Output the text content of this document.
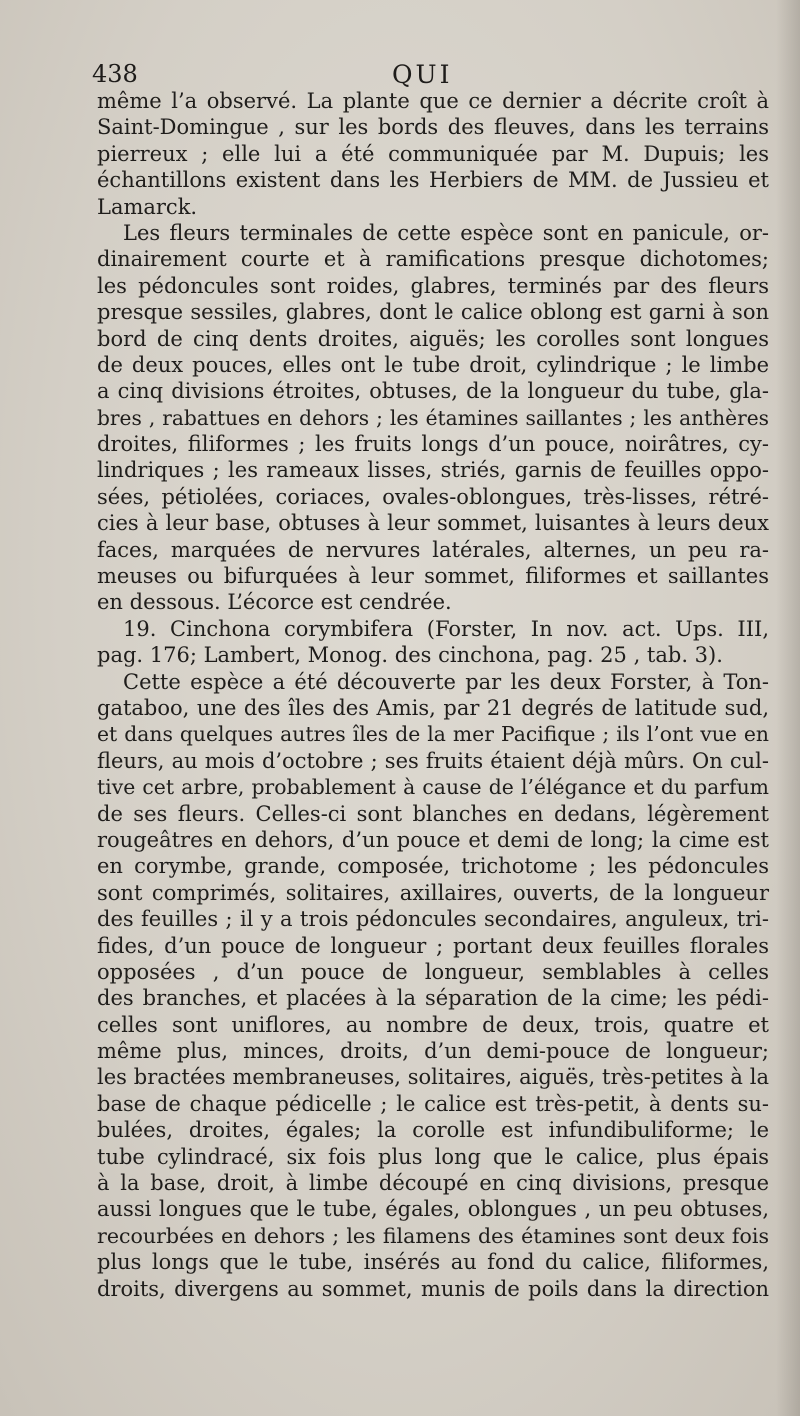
438	QUI
même l’a observé. La plante que ce dernier a décrite croît à
Saint-Domingue , sur les bords des fleuves, dans les terrains
pierreux ; elle lui a été communiquée par M. Dupuis; les
échantillons existent dans les Herbiers de MM. de Jussieu et
Lamarck.
Les fleurs terminales de cette espèce sont en panicule, or-
dinairement courte et à ramifications presque dichotomes;
les pédoncules sont roides, glabres, terminés par des fleurs
presque sessiles, glabres, dont le calice oblong est garni à son
bord de cinq dents droites, aiguës; les corolles sont longues
de deux pouces, elles ont le tube droit, cylindrique ; le limbe
a cinq divisions étroites, obtuses, de la longueur du tube, gla-
bres , rabattues en dehors ; les étamines saillantes ; les anthères
droites, filiformes ; les fruits longs d’un pouce, noirâtres, cy-
lindriques ; les rameaux lisses, striés, garnis de feuilles oppo-
sées, pétiolées, coriaces, ovales-oblongues, très-lisses, rétré-
cies à leur base, obtuses à leur sommet, luisantes à leurs deux
faces, marquées de nervures latérales, alternes, un peu ra-
meuses ou bifurquées à leur sommet, filiformes et saillantes
en dessous. L’écorce est cendrée.
19. Cinchona corymbifera (Forster, In nov. act. Ups. III,
pag. 176; Lambert, Monog. des cinchona, pag. 25 , tab. 3).
Cette espèce a été découverte par les deux Forster, à Ton-
gataboo, une des îles des Amis, par 21 degrés de latitude sud,
et dans quelques autres îles de la mer Pacifique ; ils l’ont vue en
fleurs, au mois d’octobre ; ses fruits étaient déjà mûrs. On cul-
tive cet arbre, probablement à cause de l’élégance et du parfum
de ses fleurs. Celles-ci sont blanches en dedans, légèrement
rougeâtres en dehors, d’un pouce et demi de long; la cime est
en corymbe, grande, composée, trichotome ; les pédoncules
sont comprimés, solitaires, axillaires, ouverts, de la longueur
des feuilles ; il y a trois pédoncules secondaires, anguleux, tri-
fides, d’un pouce de longueur ; portant deux feuilles florales
opposées , d’un pouce de longueur, semblables à celles
des branches, et placées à la séparation de la cime; les pédi-
celles sont uniflores, au nombre de deux, trois, quatre et
même plus, minces, droits, d’un demi-pouce de longueur;
les bractées membraneuses, solitaires, aiguës, très-petites à la
base de chaque pédicelle ; le calice est très-petit, à dents su-
bulées, droites, égales; la corolle est infundibuliforme; le
tube cylindracé, six fois plus long que le calice, plus épais
à la base, droit, à limbe découpé en cinq divisions, presque
aussi longues que le tube, égales, oblongues , un peu obtuses,
recourbées en dehors ; les filamens des étamines sont deux fois
plus longs que le tube, insérés au fond du calice, filiformes,
droits, divergens au sommet, munis de poils dans la direction
